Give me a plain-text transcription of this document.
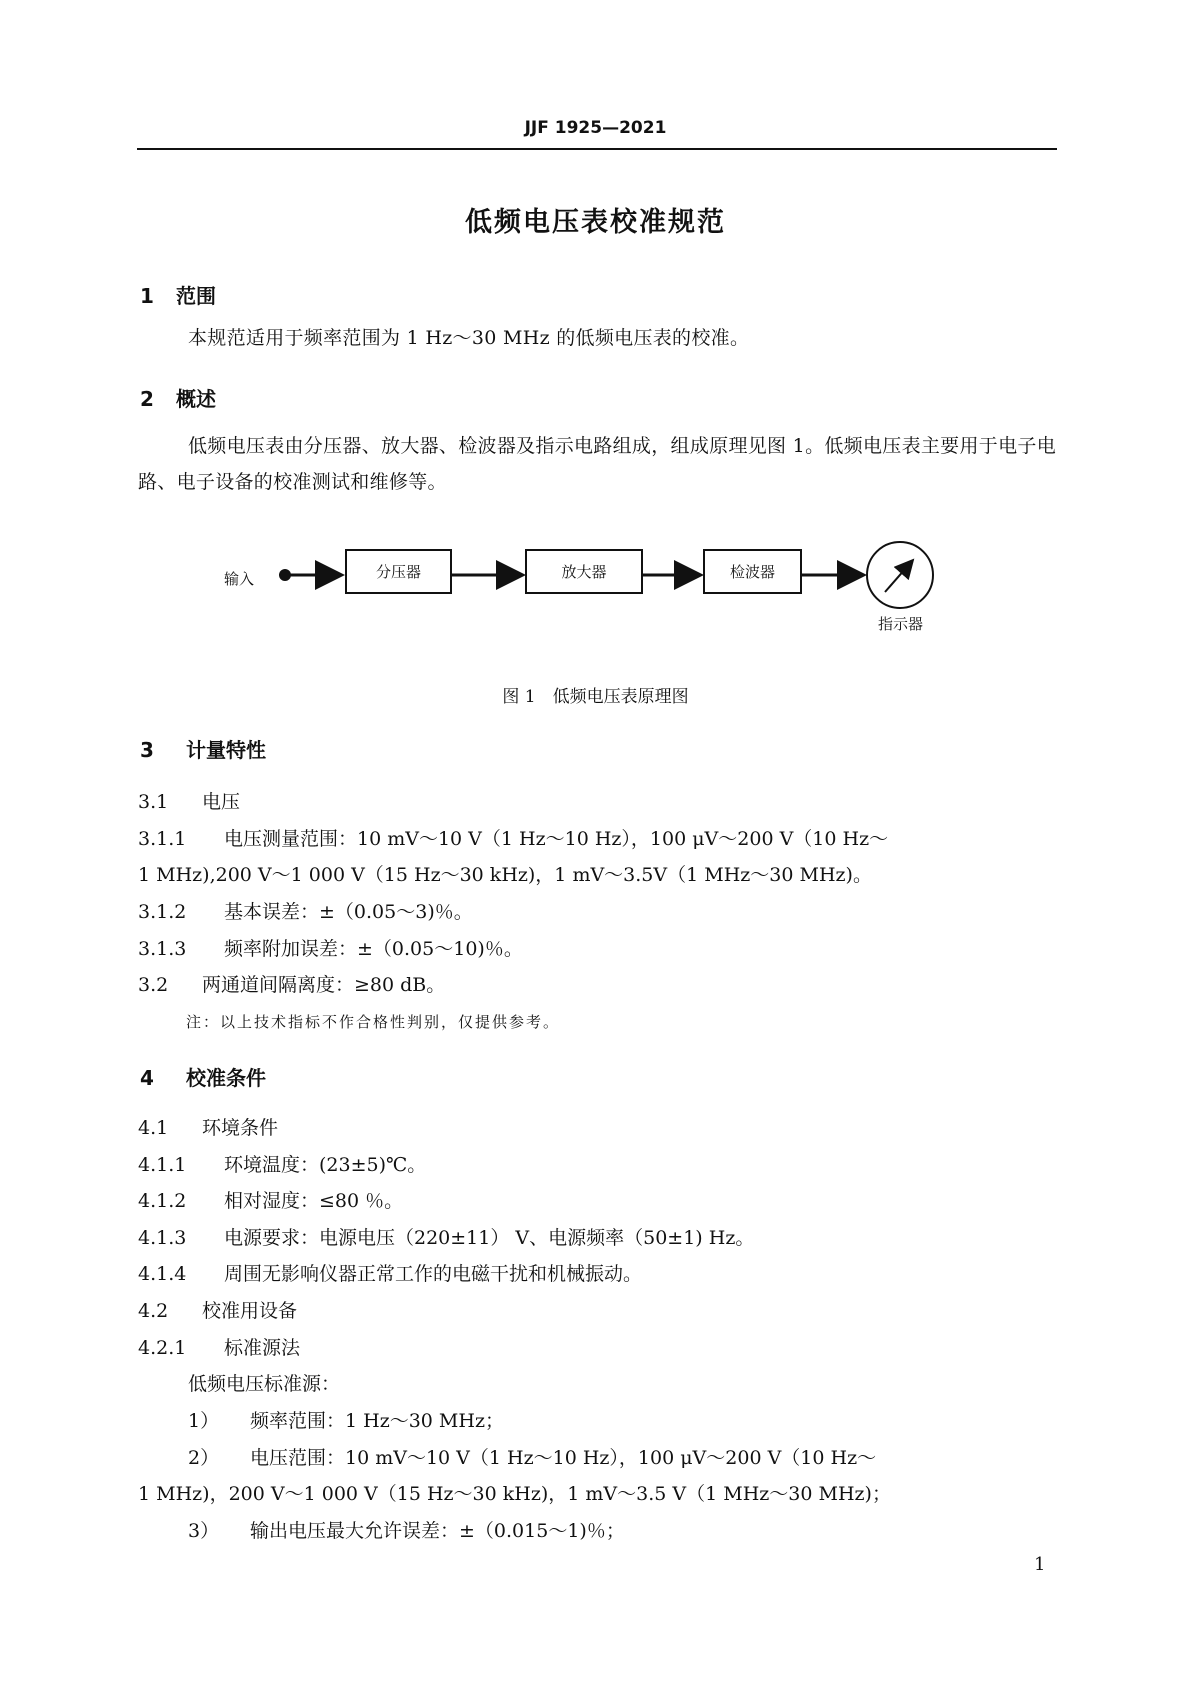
JJF 1925—2021
低频电压表校准规范
1 范围
本规范适用于频率范围为 1 Hz～30 MHz 的低频电压表的校准。
2 概述
低频电压表由分压器、放大器、检波器及指示电路组成，组成原理见图 1。低频电压表主要用于电子电路、电子设备的校准测试和维修等。
输入	分压器	放大器	检波器
指示器
图 1　低频电压表原理图
3 计量特性
3.1 电压
3.1.1 电压测量范围：10 mV～10 V（1 Hz～10 Hz），100 μV～200 V（10 Hz～
1 MHz),200 V～1 000 V（15 Hz～30 kHz)，1 mV～3.5V（1 MHz～30 MHz)。
3.1.2 基本误差：±（0.05～3)％。
3.1.3 频率附加误差：±（0.05～10)％。
3.2 两通道间隔离度：≥80 dB。
注：以上技术指标不作合格性判别，仅提供参考。
4 校准条件
4.1 环境条件
4.1.1 环境温度：(23±5)℃。
4.1.2 相对湿度：≤80 ％。
4.1.3 电源要求：电源电压（220±11） V、电源频率（50±1) Hz。
4.1.4 周围无影响仪器正常工作的电磁干扰和机械振动。
4.2 校准用设备
4.2.1 标准源法
低频电压标准源：
1） 频率范围：1 Hz～30 MHz；
2） 电压范围：10 mV～10 V（1 Hz～10 Hz），100 μV～200 V（10 Hz～
1 MHz)，200 V～1 000 V（15 Hz～30 kHz)，1 mV～3.5 V（1 MHz～30 MHz)；
3） 输出电压最大允许误差：±（0.015～1)％；
1
